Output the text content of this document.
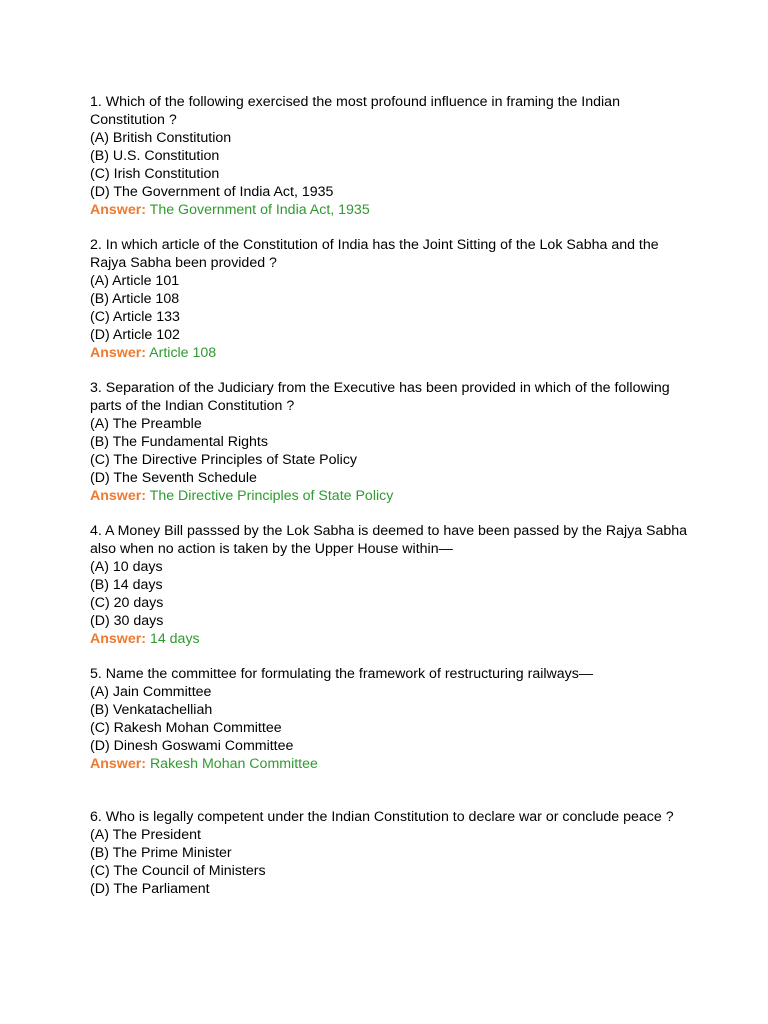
1. Which of the following exercised the most profound influence in framing the Indian Constitution ?
(A) British Constitution
(B) U.S. Constitution
(C) Irish Constitution
(D) The Government of India Act, 1935
Answer: The Government of India Act, 1935
2. In which article of the Constitution of India has the Joint Sitting of the Lok Sabha and the Rajya Sabha been provided ?
(A) Article 101
(B) Article 108
(C) Article 133
(D) Article 102
Answer: Article 108
3. Separation of the Judiciary from the Executive has been provided in which of the following parts of the Indian Constitution ?
(A) The Preamble
(B) The Fundamental Rights
(C) The Directive Principles of State Policy
(D) The Seventh Schedule
Answer: The Directive Principles of State Policy
4. A Money Bill passsed by the Lok Sabha is deemed to have been passed by the Rajya Sabha also when no action is taken by the Upper House within—
(A) 10 days
(B) 14 days
(C) 20 days
(D) 30 days
Answer: 14 days
5. Name the committee for formulating the framework of restructuring railways—
(A) Jain Committee
(B) Venkatachelliah
(C) Rakesh Mohan Committee
(D) Dinesh Goswami Committee
Answer: Rakesh Mohan Committee
6. Who is legally competent under the Indian Constitution to declare war or conclude peace ?
(A) The President
(B) The Prime Minister
(C) The Council of Ministers
(D) The Parliament
